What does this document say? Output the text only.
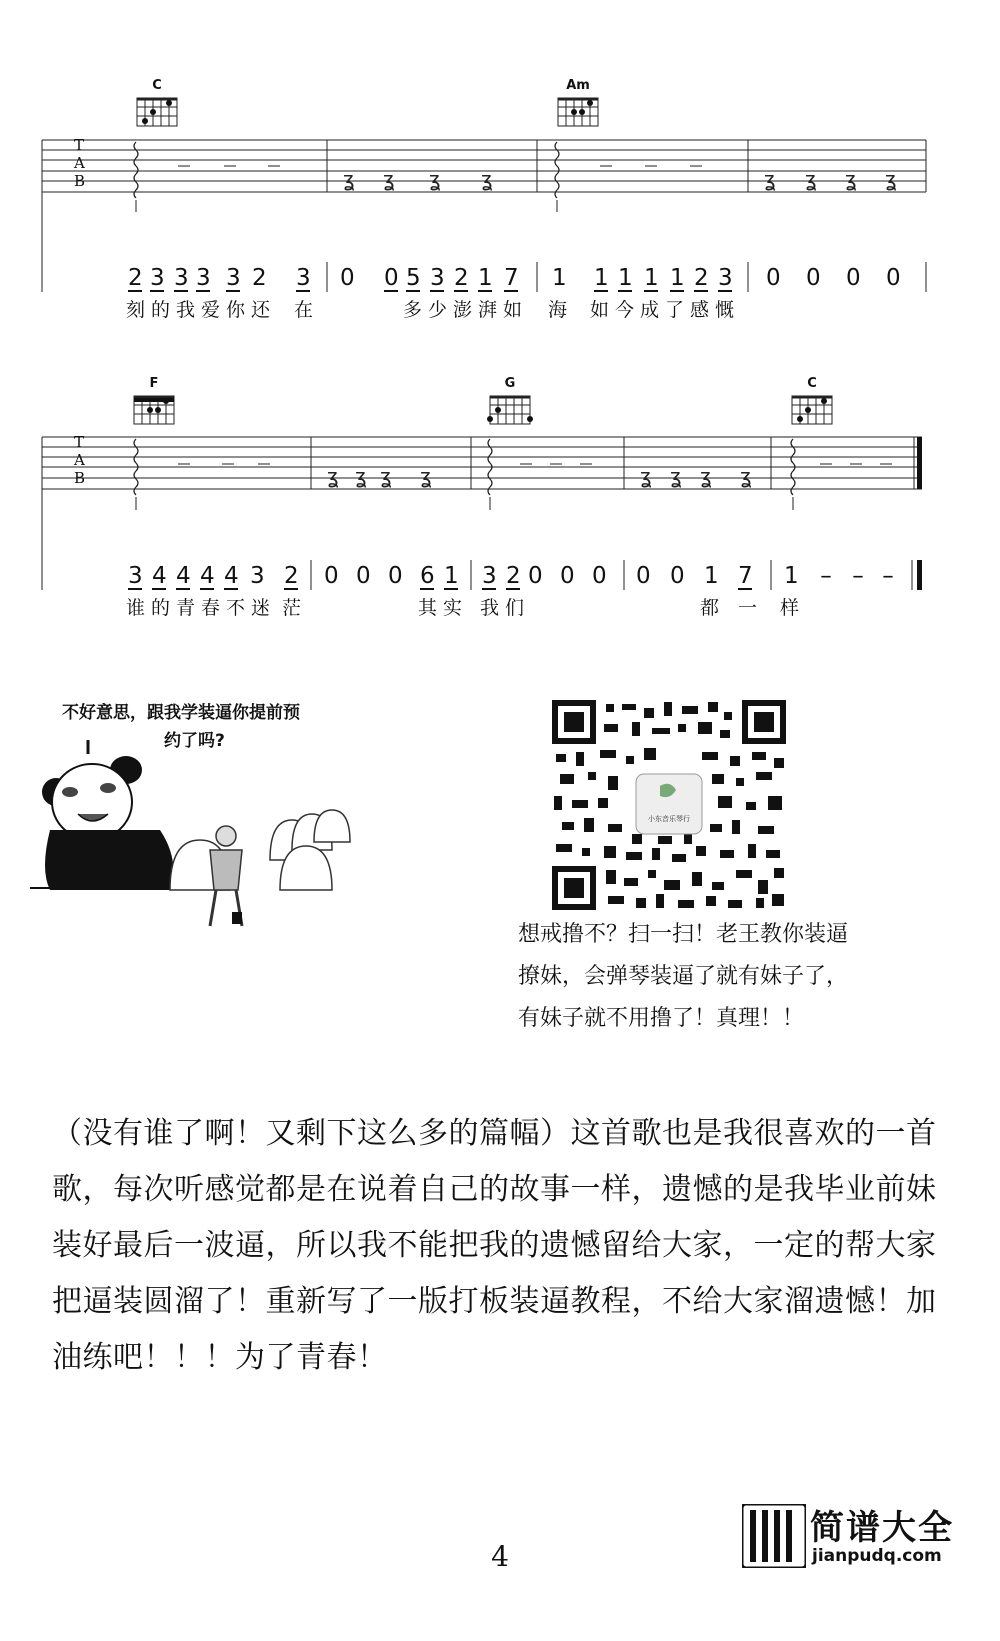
ʓ ʓ ʓ ʓ	ʓ ʓ ʓ ʓ
ʓ ʓ ʓ ʓ	ʓ ʓ ʓ ʓ
C	Am
F	G	C
T
A
B
T
A
B
2 3 3 3 3 2 3 0 0 5 3 2 1 7 1 1 1 1 1 2 3 0 0 0 0
刻的我爱你还 在	多少澎湃如 海 如今成了感慨
3 4 4 4 4 3 2 0 0 0 6 1 3 2 0 0 0 0 0 1 7 1 – – –
谁的青春不迷 茫	其实 我们	都 一 样
不好意思，跟我学装逼你提前预
约了吗?
小东音乐琴行
想戒撸不？扫一扫！老王教你装逼
撩妹，会弹琴装逼了就有妹子了，
有妹子就不用撸了！真理！！
（没有谁了啊！又剩下这么多的篇幅）这首歌也是我很喜欢的一首歌，每次听感觉都是在说着自己的故事一样，遗憾的是我毕业前妹装好最后一波逼，所以我不能把我的遗憾留给大家，一定的帮大家把逼装圆溜了！重新写了一版打板装逼教程，不给大家溜遗憾！加油练吧！！！为了青春！
4
简谱大全
jianpudq.com
